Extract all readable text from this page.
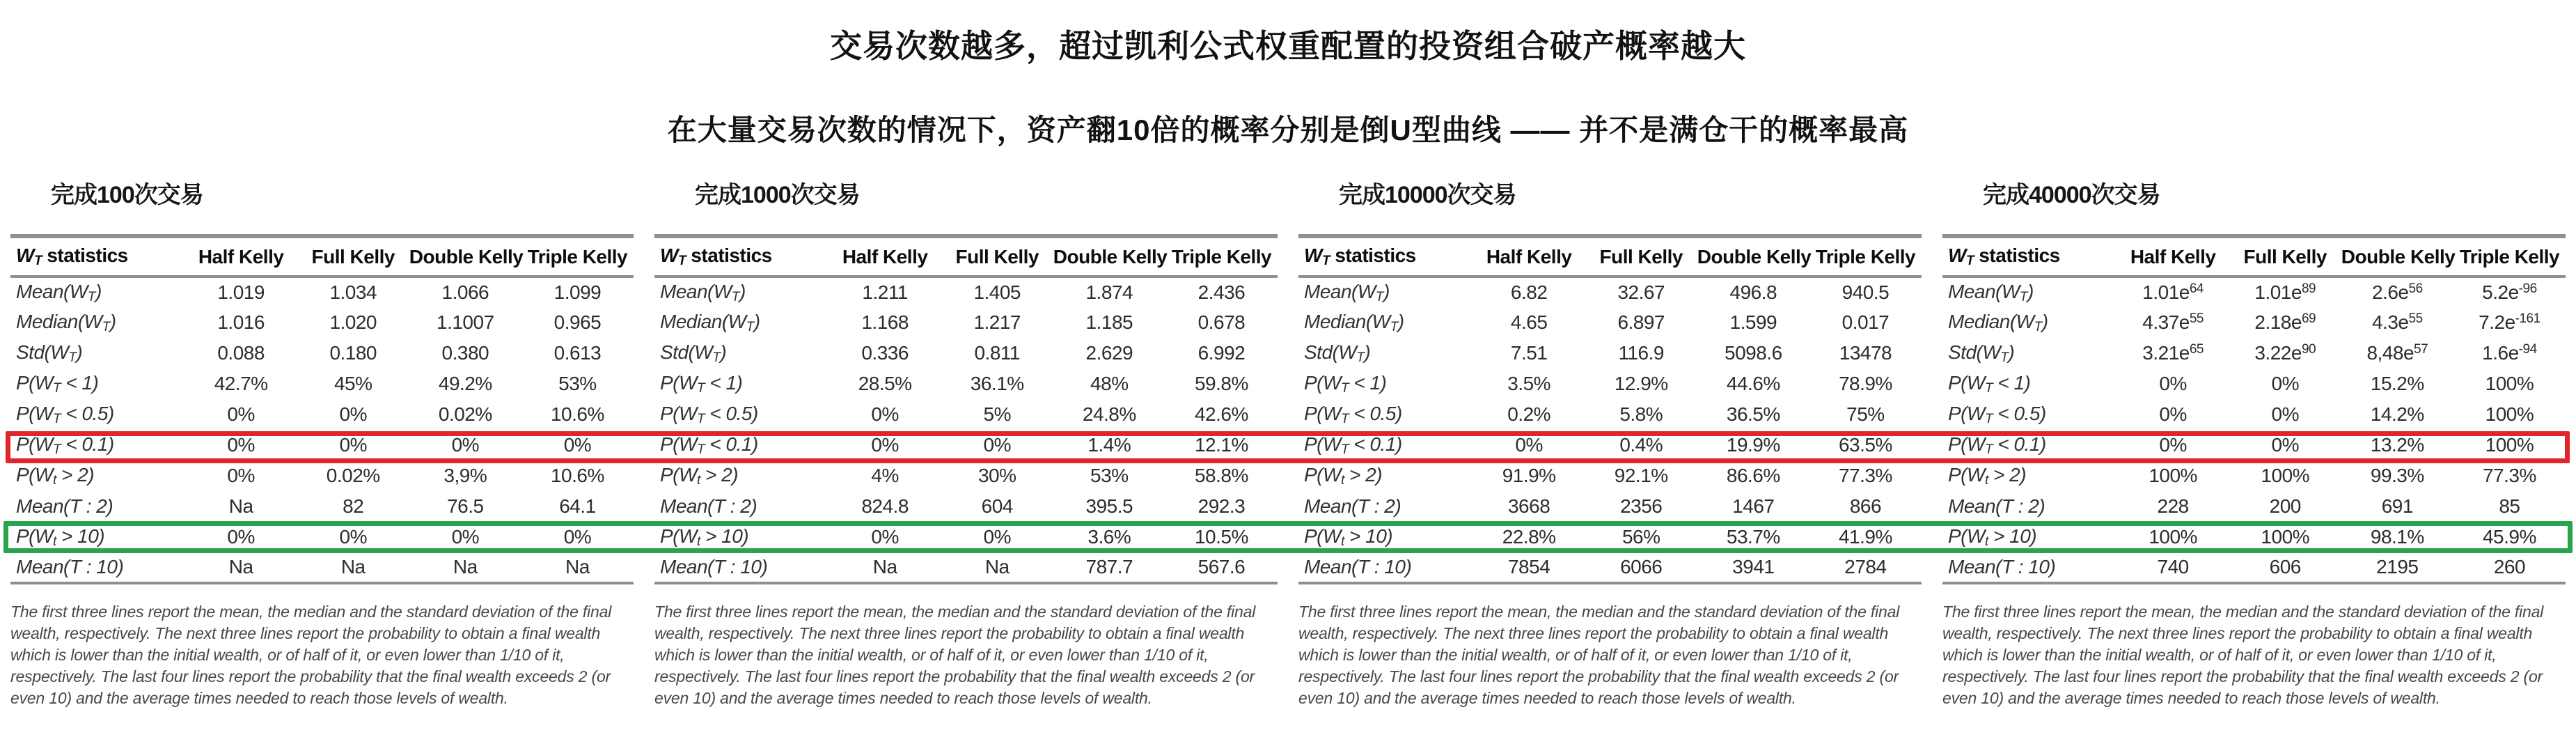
交易次数越多，超过凯利公式权重配置的投资组合破产概率越大
在大量交易次数的情况下，资产翻10倍的概率分别是倒U型曲线 —— 并不是满仓干的概率最高
完成100次交易
$W_T$ statistics	Half Kelly	Full Kelly	Double Kelly	Triple Kelly
$Mean(W_T)$	1.019	1.034	1.066	1.099
$Median(W_T)$	1.016	1.020	1.1007	0.965
$Std(W_T)$	0.088	0.180	0.380	0.613
$P(W_T < 1)$	42.7%	45%	49.2%	53%
$P(W_T < 0.5)$	0%	0%	0.02%	10.6%
$P(W_T < 0.1)$	0%	0%	0%	0%
$P(W_t > 2)$	0%	0.02%	3,9%	10.6%
Mean(T : 2)	Na	82	76.5	64.1
$P(W_t > 10)$	0%	0%	0%	0%
Mean(T : 10)	Na	Na	Na	Na

The first three lines report the mean, the median and the standard deviation of the final wealth, respectively. The next three lines report the probability to obtain a final wealth which is lower than the initial wealth, or of half of it, or even lower than 1/10 of it, respectively. The last four lines report the probability that the final wealth exceeds 2 (or even 10) and the average times needed to reach those levels of wealth.

完成1000次交易
$W_T$ statistics	Half Kelly	Full Kelly	Double Kelly	Triple Kelly
$Mean(W_T)$	1.211	1.405	1.874	2.436
$Median(W_T)$	1.168	1.217	1.185	0.678
$Std(W_T)$	0.336	0.811	2.629	6.992
$P(W_T < 1)$	28.5%	36.1%	48%	59.8%
$P(W_T < 0.5)$	0%	5%	24.8%	42.6%
$P(W_T < 0.1)$	0%	0%	1.4%	12.1%
$P(W_t > 2)$	4%	30%	53%	58.8%
Mean(T : 2)	824.8	604	395.5	292.3
$P(W_t > 10)$	0%	0%	3.6%	10.5%
Mean(T : 10)	Na	Na	787.7	567.6

The first three lines report the mean, the median and the standard deviation of the final wealth, respectively. The next three lines report the probability to obtain a final wealth which is lower than the initial wealth, or of half of it, or even lower than 1/10 of it, respectively. The last four lines report the probability that the final wealth exceeds 2 (or even 10) and the average times needed to reach those levels of wealth.

完成10000次交易
$W_T$ statistics	Half Kelly	Full Kelly	Double Kelly	Triple Kelly
$Mean(W_T)$	6.82	32.67	496.8	940.5
$Median(W_T)$	4.65	6.897	1.599	0.017
$Std(W_T)$	7.51	116.9	5098.6	13478
$P(W_T < 1)$	3.5%	12.9%	44.6%	78.9%
$P(W_T < 0.5)$	0.2%	5.8%	36.5%	75%
$P(W_T < 0.1)$	0%	0.4%	19.9%	63.5%
$P(W_t > 2)$	91.9%	92.1%	86.6%	77.3%
Mean(T : 2)	3668	2356	1467	866
$P(W_t > 10)$	22.8%	56%	53.7%	41.9%
Mean(T : 10)	7854	6066	3941	2784

The first three lines report the mean, the median and the standard deviation of the final wealth, respectively. The next three lines report the probability to obtain a final wealth which is lower than the initial wealth, or of half of it, or even lower than 1/10 of it, respectively. The last four lines report the probability that the final wealth exceeds 2 (or even 10) and the average times needed to reach those levels of wealth.

完成40000次交易
$W_T$ statistics	Half Kelly	Full Kelly	Double Kelly	Triple Kelly
$Mean(W_T)$	$1.01e^{64}$	$1.01e^{89}$	$2.6e^{56}$	$5.2e^{-96}$
$Median(W_T)$	$4.37e^{55}$	$2.18e^{69}$	$4.3e^{55}$	$7.2e^{-161}$
$Std(W_T)$	$3.21e^{65}$	$3.22e^{90}$	$8,48e^{57}$	$1.6e^{-94}$
$P(W_T < 1)$	0%	0%	15.2%	100%
$P(W_T < 0.5)$	0%	0%	14.2%	100%
$P(W_T < 0.1)$	0%	0%	13.2%	100%
$P(W_t > 2)$	100%	100%	99.3%	77.3%
Mean(T : 2)	228	200	691	85
$P(W_t > 10)$	100%	100%	98.1%	45.9%
Mean(T : 10)	740	606	2195	260

The first three lines report the mean, the median and the standard deviation of the final wealth, respectively. The next three lines report the probability to obtain a final wealth which is lower than the initial wealth, or of half of it, or even lower than 1/10 of it, respectively. The last four lines report the probability that the final wealth exceeds 2 (or even 10) and the average times needed to reach those levels of wealth.
